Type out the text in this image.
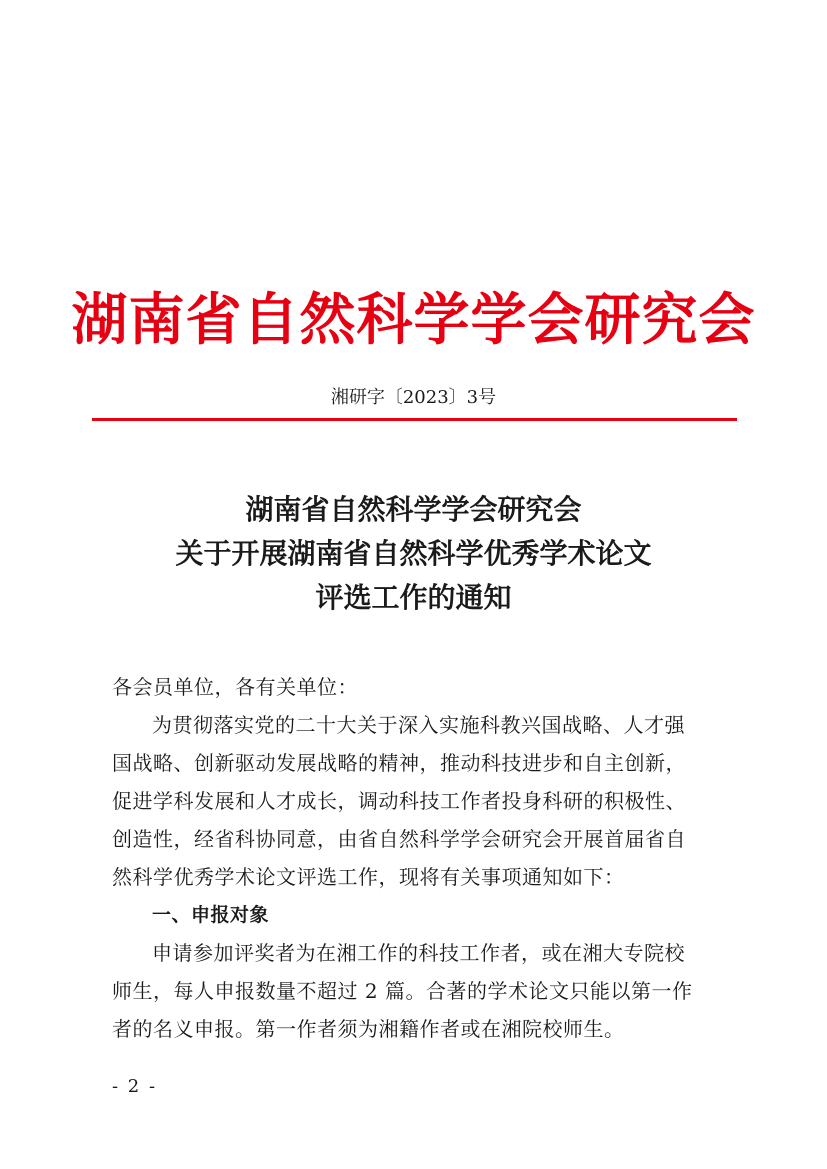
湖南省自然科学学会研究会
湘研字〔2023〕3号
湖南省自然科学学会研究会
关于开展湖南省自然科学优秀学术论文
评选工作的通知
各会员单位，各有关单位：
为贯彻落实党的二十大关于深入实施科教兴国战略、人才强
国战略、创新驱动发展战略的精神，推动科技进步和自主创新，
促进学科发展和人才成长，调动科技工作者投身科研的积极性、
创造性，经省科协同意，由省自然科学学会研究会开展首届省自
然科学优秀学术论文评选工作，现将有关事项通知如下：
一、申报对象
申请参加评奖者为在湘工作的科技工作者，或在湘大专院校
师生，每人申报数量不超过 2 篇。合著的学术论文只能以第一作
者的名义申报。第一作者须为湘籍作者或在湘院校师生。
- 2 -
